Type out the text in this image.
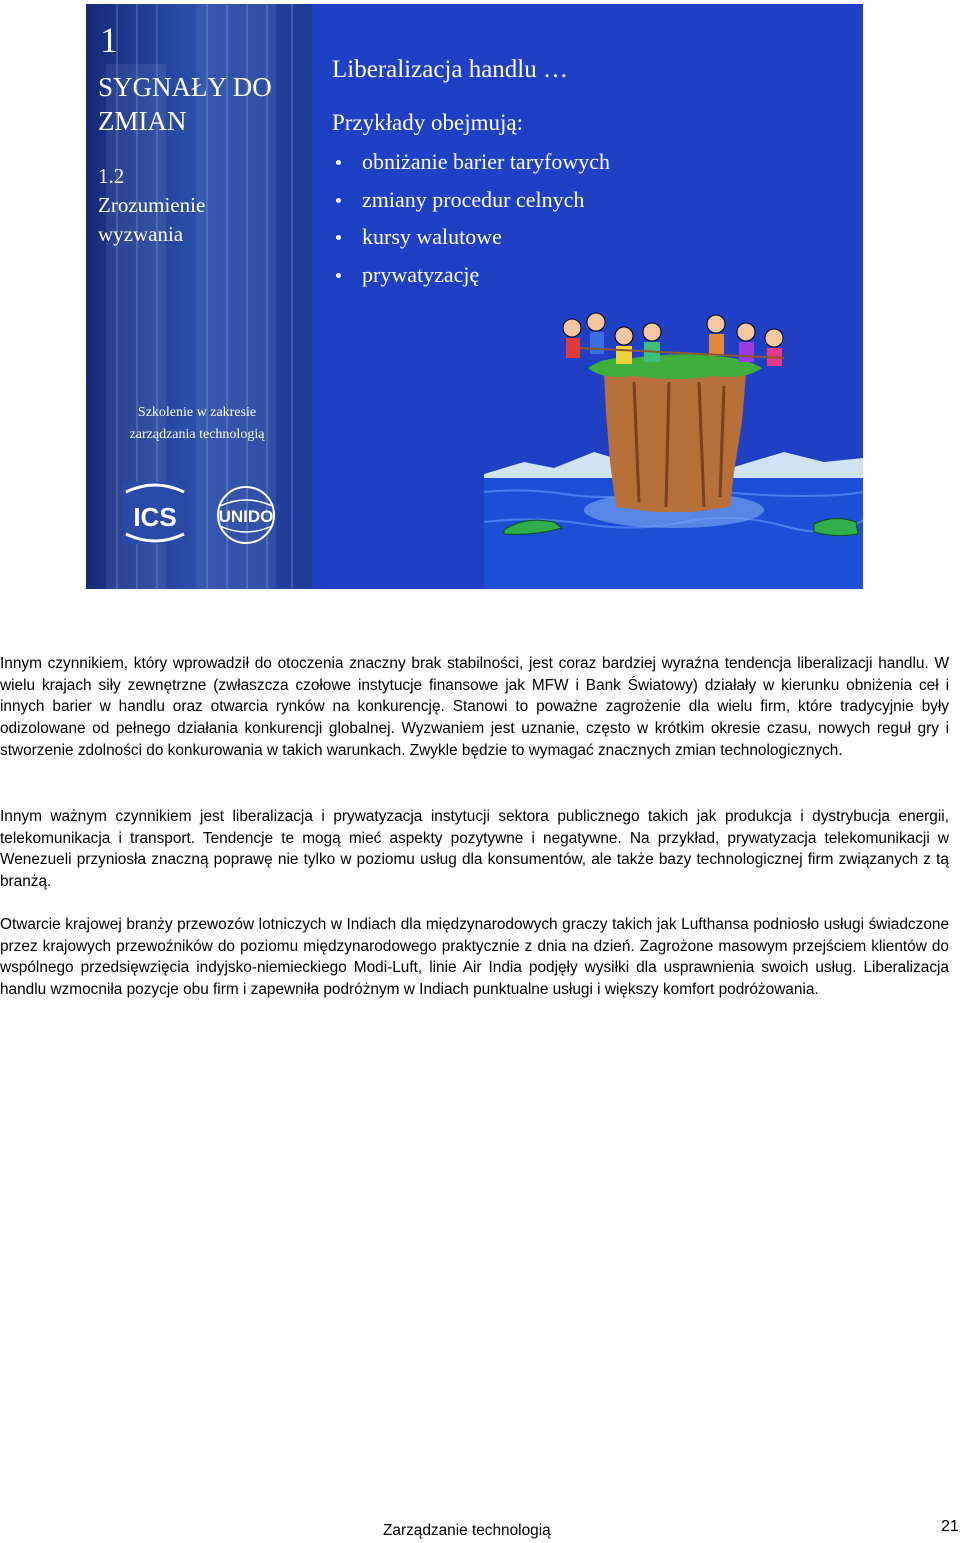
1
SYGNAŁY DO
ZMIAN
1.2
Zrozumienie
wyzwania
Szkolenie w zakresie
zarządzania technologią
ICS UNIDO
Liberalizacja handlu …
Przykłady obejmują:
obniżanie barier taryfowych
zmiany procedur celnych
kursy walutowe
prywatyzację

Innym czynnikiem, który wprowadził do otoczenia znaczny brak stabilności, jest coraz bardziej wyraźna tendencja liberalizacji handlu. W wielu krajach siły zewnętrzne (zwłaszcza czołowe instytucje finansowe jak MFW i Bank Światowy) działały w kierunku obniżenia ceł i innych barier w handlu oraz otwarcia rynków na konkurencję. Stanowi to poważne zagrożenie dla wielu firm, które tradycyjnie były odizolowane od pełnego działania konkurencji globalnej. Wyzwaniem jest uznanie, często w krótkim okresie czasu, nowych reguł gry i stworzenie zdolności do konkurowania w takich warunkach. Zwykle będzie to wymagać znacznych zmian technologicznych.

Innym ważnym czynnikiem jest liberalizacja i prywatyzacja instytucji sektora publicznego takich jak produkcja i dystrybucja energii, telekomunikacja i transport. Tendencje te mogą mieć aspekty pozytywne i negatywne. Na przykład, prywatyzacja telekomunikacji w Wenezueli przyniosła znaczną poprawę nie tylko w poziomu usług dla konsumentów, ale także bazy technologicznej firm związanych z tą branżą.

Otwarcie krajowej branży przewozów lotniczych w Indiach dla międzynarodowych graczy takich jak Lufthansa podniosło usługi świadczone przez krajowych przewoźników do poziomu międzynarodowego praktycznie z dnia na dzień. Zagrożone masowym przejściem klientów do wspólnego przedsięwzięcia indyjsko-niemieckiego Modi-Luft, linie Air India podjęły wysiłki dla usprawnienia swoich usług. Liberalizacja handlu wzmocniła pozycje obu firm i zapewniła podróżnym w Indiach punktualne usługi i większy komfort podróżowania.

Zarządzanie technologią	21
